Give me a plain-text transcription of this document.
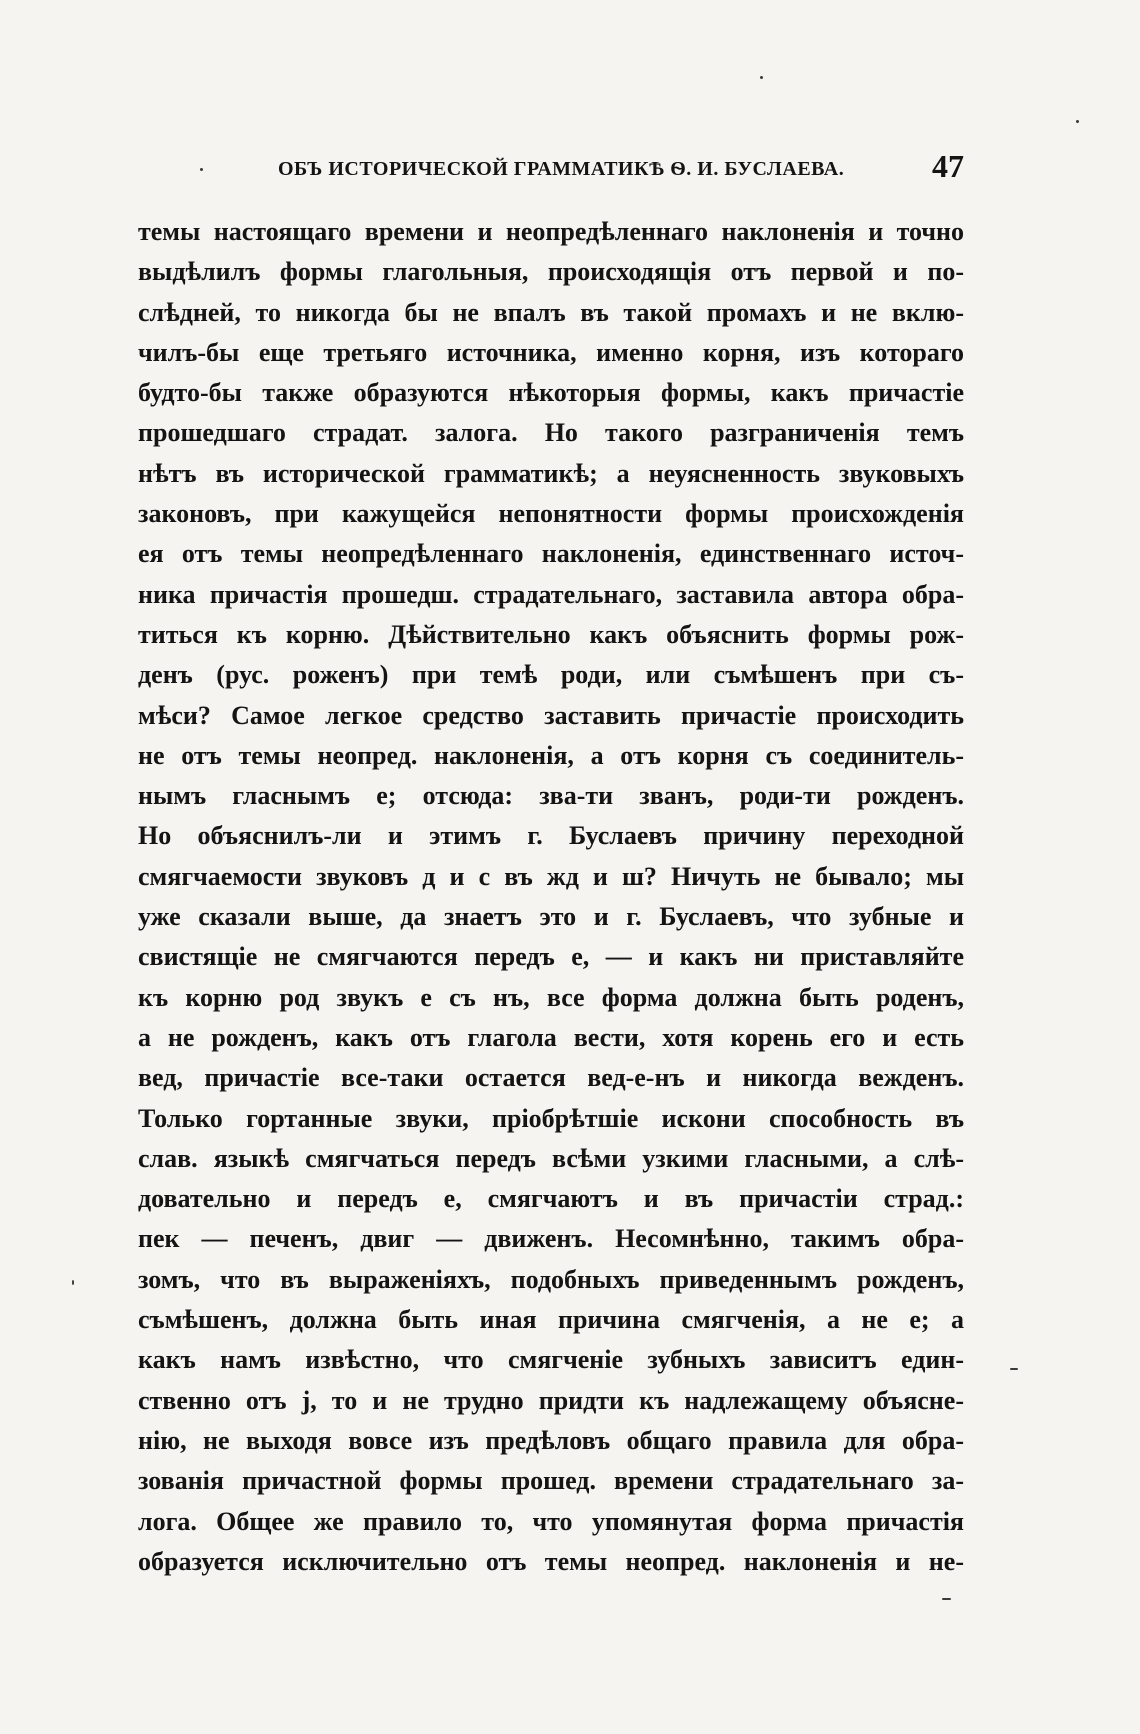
ОБЪ ИСТОРИЧЕСКОЙ ГРАММАТИКѢ Ѳ. И. БУСЛАЕВА.	47
темы настоящаго времени и неопредѣленнаго наклоненія и точно
выдѣлилъ формы глагольныя, происходящія отъ первой и по-
слѣдней, то никогда бы не впалъ въ такой промахъ и не вклю-
чилъ-бы еще третьяго источника, именно корня, изъ котораго
будто-бы также образуются нѣкоторыя формы, какъ причастіе
прошедшаго страдат. залога. Но такого разграниченія темъ
нѣтъ въ исторической грамматикѣ; а неуясненность звуковыхъ
законовъ, при кажущейся непонятности формы происхожденія
ея отъ темы неопредѣленнаго наклоненія, единственнаго источ-
ника причастія прошедш. страдательнаго, заставила автора обра-
титься къ корню. Дѣйствительно какъ объяснить формы рож-
денъ (рус. роженъ) при темѣ роди, или съмѣшенъ при съ-
мѣси? Самое легкое средство заставить причастіе происходить
не отъ темы неопред. наклоненія, а отъ корня съ соединитель-
нымъ гласнымъ е; отсюда: зва-ти званъ, роди-ти рожденъ.
Но объяснилъ-ли и этимъ г. Буслаевъ причину переходной
смягчаемости звуковъ д и с въ жд и ш? Ничуть не бывало; мы
уже сказали выше, да знаетъ это и г. Буслаевъ, что зубные и
свистящіе не смягчаются передъ е, — и какъ ни приставляйте
къ корню род звукъ е съ нъ, все форма должна быть роденъ,
а не рожденъ, какъ отъ глагола вести, хотя корень его и есть
вед, причастіе все-таки остается вед-е-нъ и никогда вежденъ.
Только гортанные звуки, пріобрѣтшіе искони способность въ
слав. языкѣ смягчаться передъ всѣми узкими гласными, а слѣ-
довательно и передъ е, смягчаютъ и въ причастіи страд.:
пек — печенъ, двиг — движенъ. Несомнѣнно, такимъ обра-
зомъ, что въ выраженіяхъ, подобныхъ приведеннымъ рожденъ,
съмѣшенъ, должна быть иная причина смягченія, а не е; а
какъ намъ извѣстно, что смягченіе зубныхъ зависитъ един-
ственно отъ j, то и не трудно придти къ надлежащему объясне-
нію, не выходя вовсе изъ предѣловъ общаго правила для обра-
зованія причастной формы прошед. времени страдательнаго за-
лога. Общее же правило то, что упомянутая форма причастія
образуется исключительно отъ темы неопред. наклоненія и не-
